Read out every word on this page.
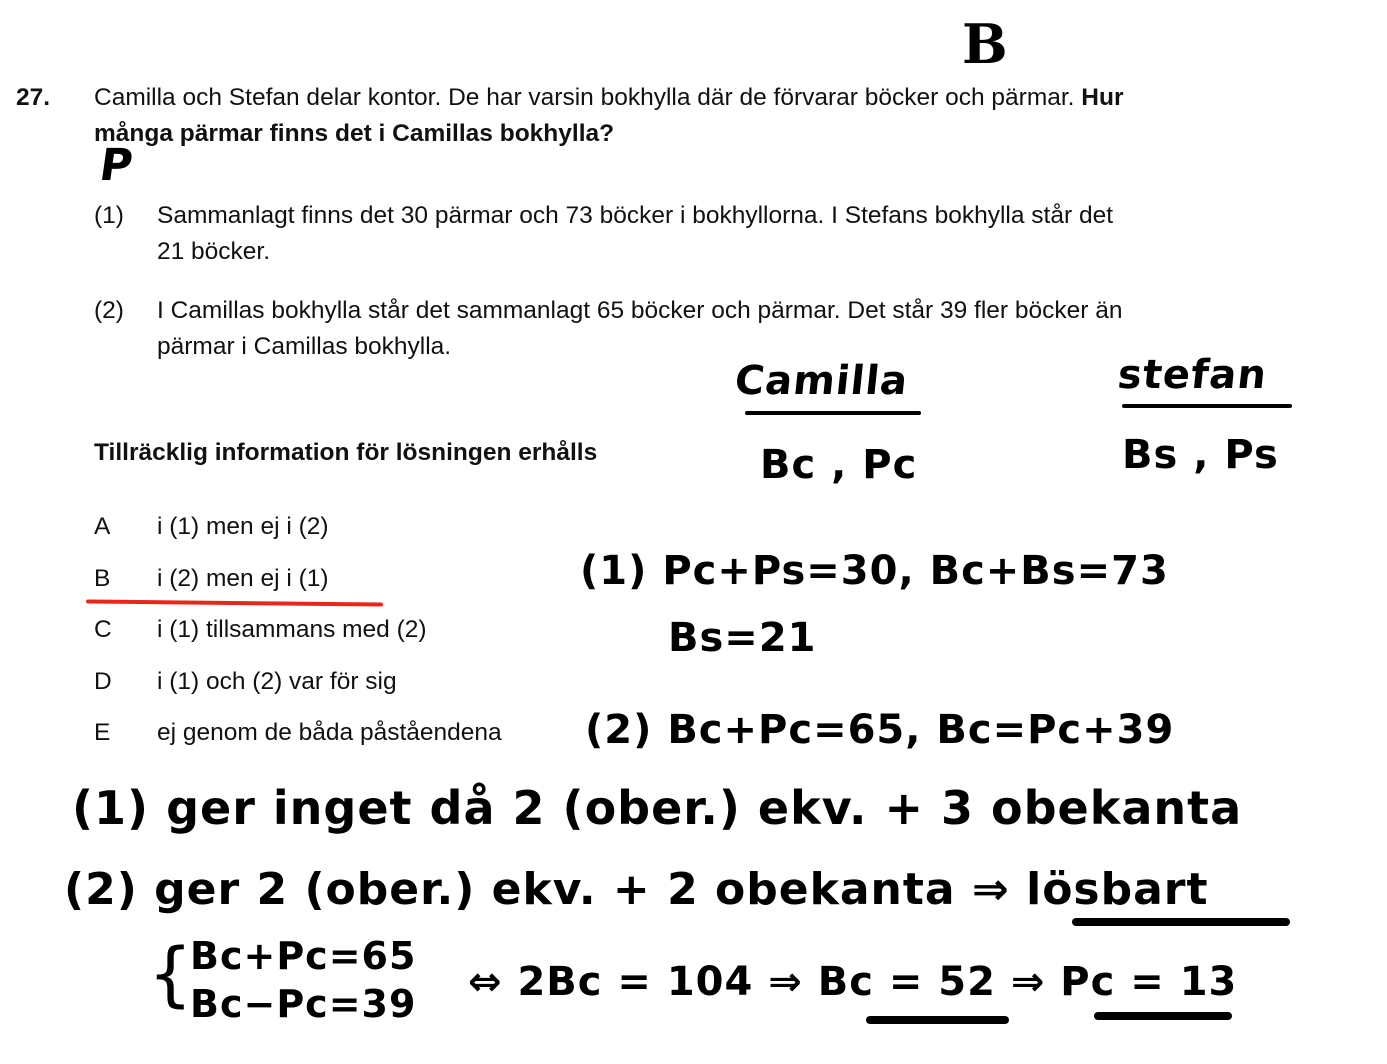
27. Camilla och Stefan delar kontor. De har varsin bokhylla där de förvarar böcker och pärmar. Hur många pärmar finns det i Camillas bokhylla?
(1) Sammanlagt finns det 30 pärmar och 73 böcker i bokhyllorna. I Stefans bokhylla står det 21 böcker.
(2) I Camillas bokhylla står det sammanlagt 65 böcker och pärmar. Det står 39 fler böcker än pärmar i Camillas bokhylla.
Tillräcklig information för lösningen erhålls
A i (1) men ej i (2)
B i (2) men ej i (1)
C i (1) tillsammans med (2)
D i (1) och (2) var för sig
E ej genom de båda påståendena
B
P
Camilla
Bc , Pc
stefan
Bs , Ps
(1) Pc+Ps=30, Bc+Bs=73
Bs=21
(2) Bc+Pc=65, Bc=Pc+39
(1) ger inget då 2 (ober.) ekv. + 3 obekanta
(2) ger 2 (ober.) ekv. + 2 obekanta ⇒ lösbart
{
Bc+Pc=65
Bc−Pc=39 ⇔ 2Bc = 104 ⇒ Bc = 52 ⇒ Pc = 13
